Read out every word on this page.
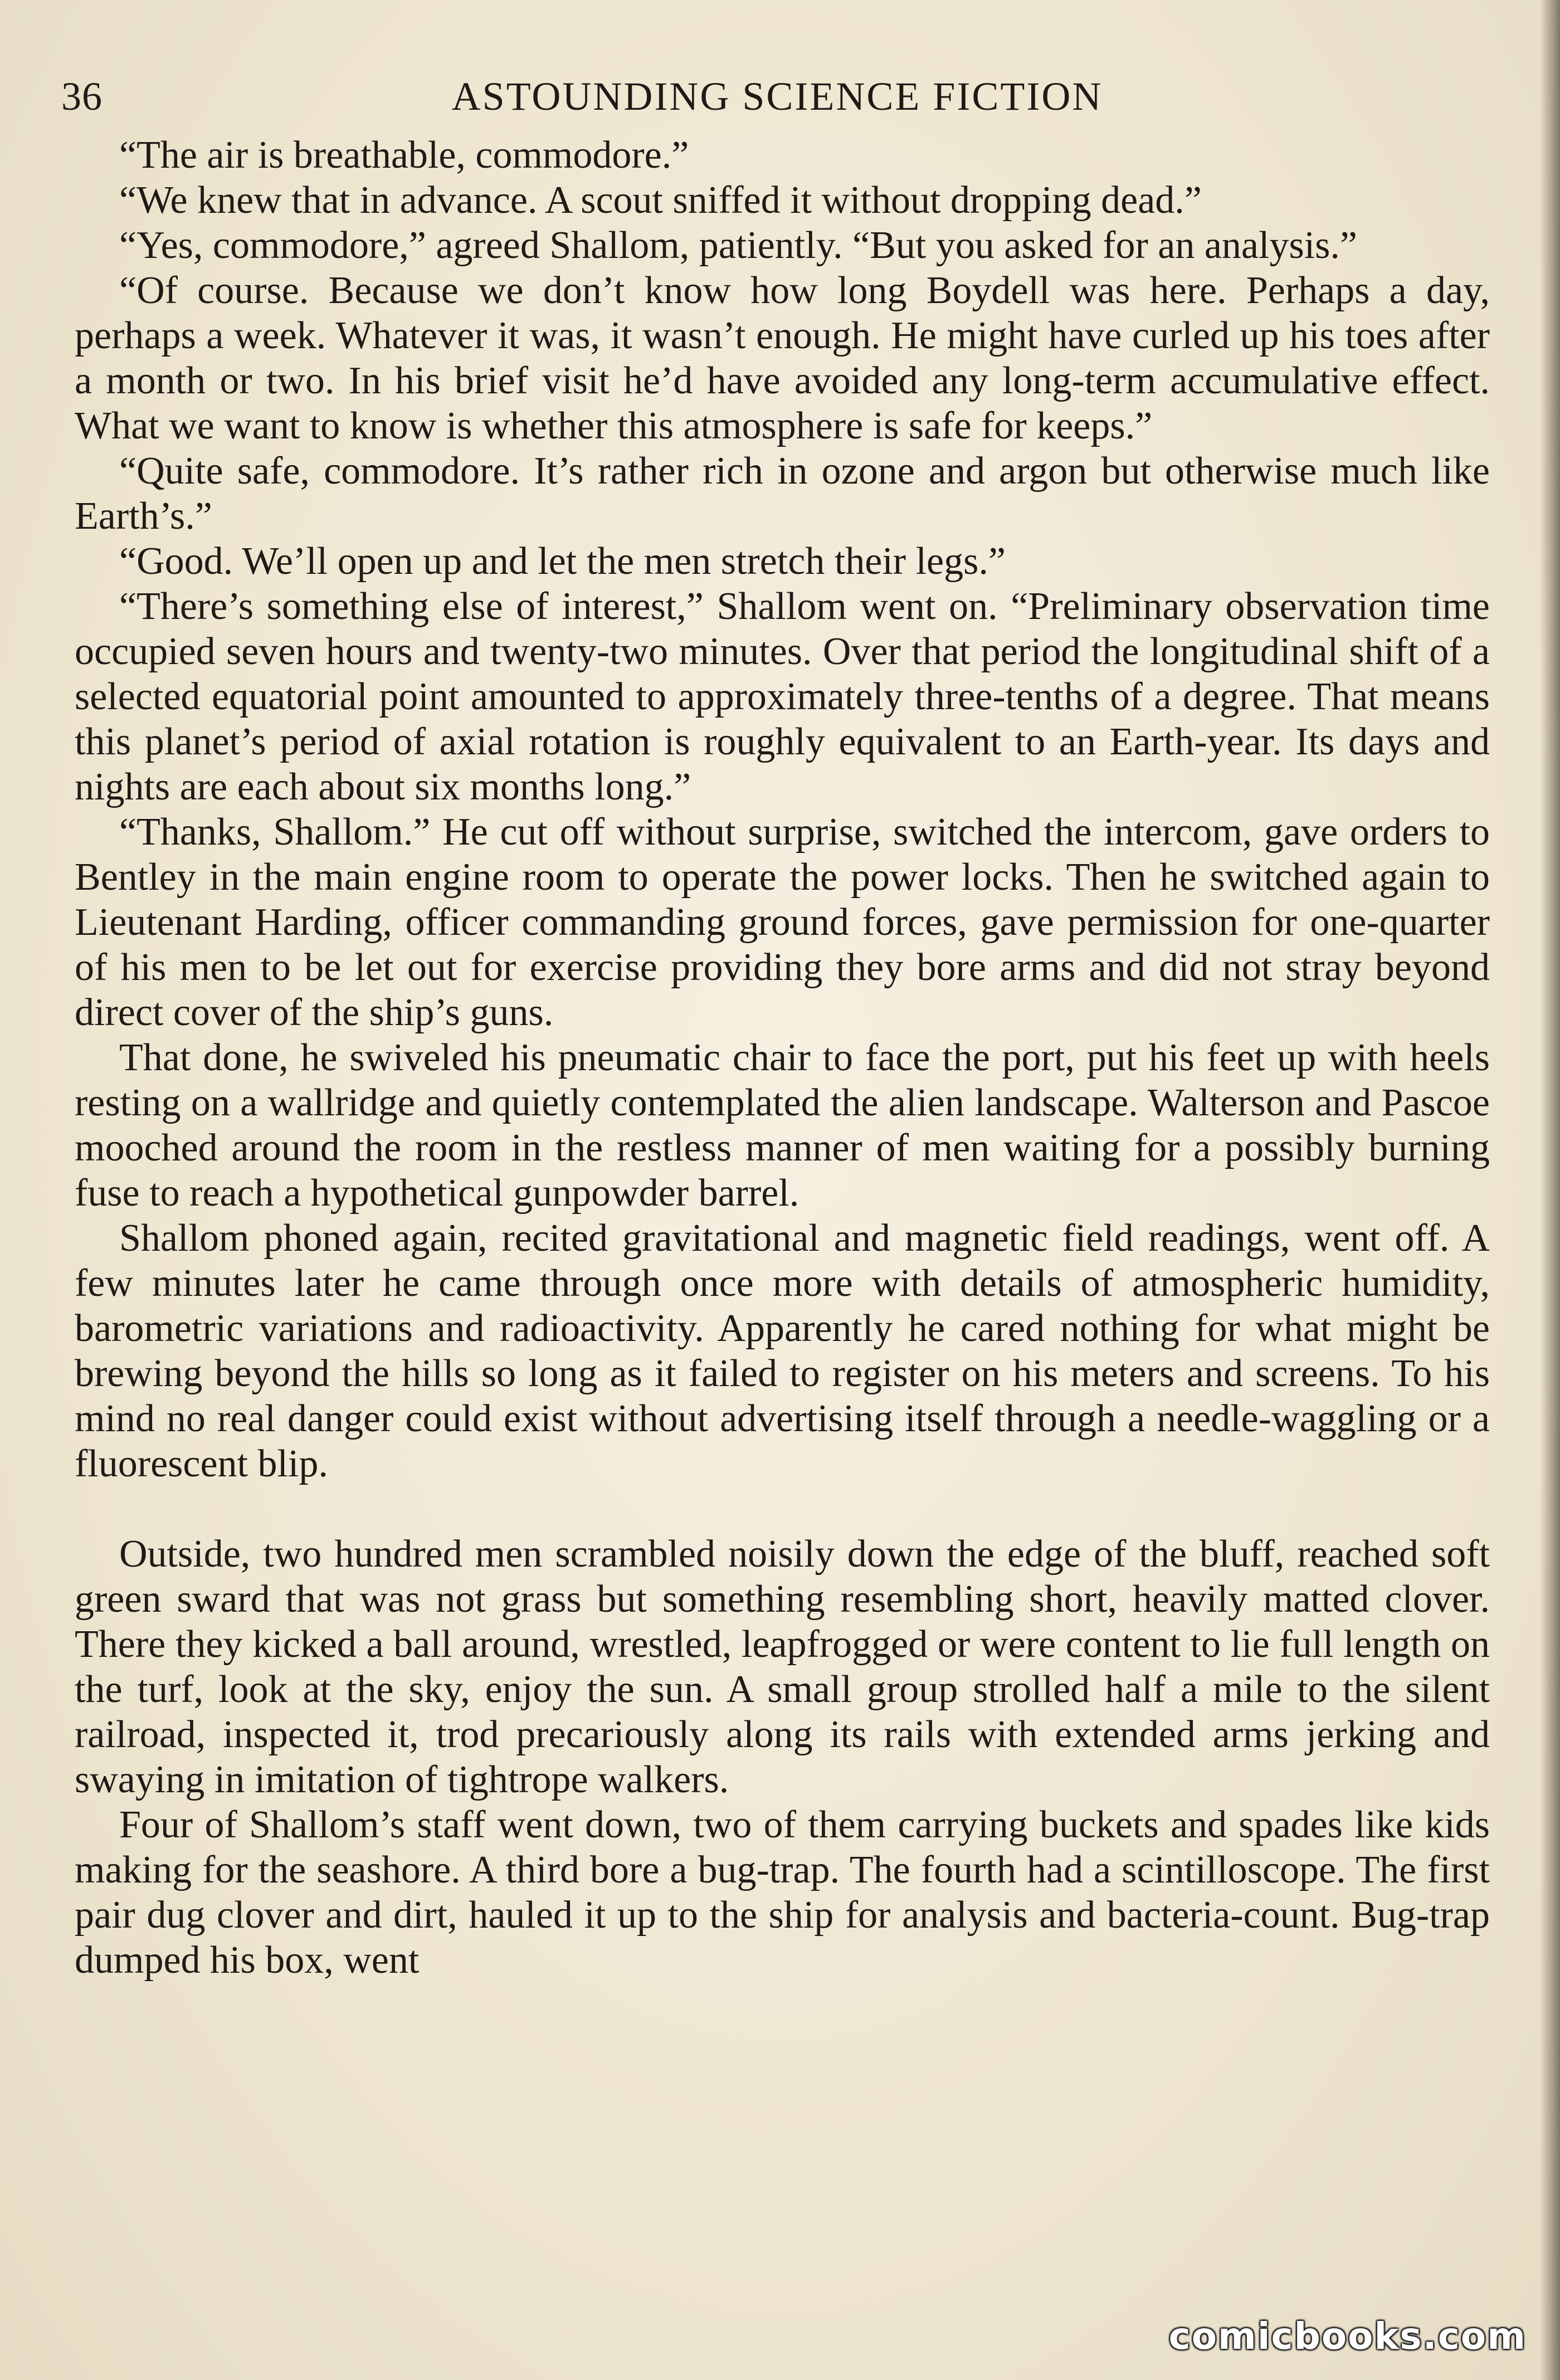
36	ASTOUNDING SCIENCE FICTION

“The air is breathable, commodore.”

“We knew that in advance. A scout sniffed it without dropping dead.”

“Yes, commodore,” agreed Shallom, patiently. “But you asked for an analysis.”

“Of course. Because we don’t know how long Boydell was here. Perhaps a day, perhaps a week. Whatever it was, it wasn’t enough. He might have curled up his toes after a month or two. In his brief visit he’d have avoided any long-term accumulative effect. What we want to know is whether this atmosphere is safe for keeps.”

“Quite safe, commodore. It’s rather rich in ozone and argon but otherwise much like Earth’s.”

“Good. We’ll open up and let the men stretch their legs.”

“There’s something else of interest,” Shallom went on. “Preliminary observation time occupied seven hours and twenty-two minutes. Over that period the longitudinal shift of a selected equatorial point amounted to approximately three-tenths of a degree. That means this planet’s period of axial rotation is roughly equivalent to an Earth-year. Its days and nights are each about six months long.”

“Thanks, Shallom.” He cut off without surprise, switched the intercom, gave orders to Bentley in the main engine room to operate the power locks. Then he switched again to Lieutenant Harding, officer commanding ground forces, gave permission for one-quarter of his men to be let out for exercise providing they bore arms and did not stray beyond direct cover of the ship’s guns.

That done, he swiveled his pneumatic chair to face the port, put his feet up with heels resting on a wallridge and quietly contemplated the alien landscape. Walterson and Pascoe mooched around the room in the restless manner of men waiting for a possibly burning fuse to reach a hypothetical gunpowder barrel.

Shallom phoned again, recited gravitational and magnetic field readings, went off. A few minutes later he came through once more with details of atmospheric humidity, barometric variations and radioactivity. Apparently he cared nothing for what might be brewing beyond the hills so long as it failed to register on his meters and screens. To his mind no real danger could exist without advertising itself through a needle-waggling or a fluorescent blip.

Outside, two hundred men scrambled noisily down the edge of the bluff, reached soft green sward that was not grass but something resembling short, heavily matted clover. There they kicked a ball around, wrestled, leapfrogged or were content to lie full length on the turf, look at the sky, enjoy the sun. A small group strolled half a mile to the silent railroad, inspected it, trod precariously along its rails with extended arms jerking and swaying in imitation of tightrope walkers.

Four of Shallom’s staff went down, two of them carrying buckets and spades like kids making for the seashore. A third bore a bug-trap. The fourth had a scintilloscope. The first pair dug clover and dirt, hauled it up to the ship for analysis and bacteria-count. Bug-trap dumped his box, went

comicbooks.com
